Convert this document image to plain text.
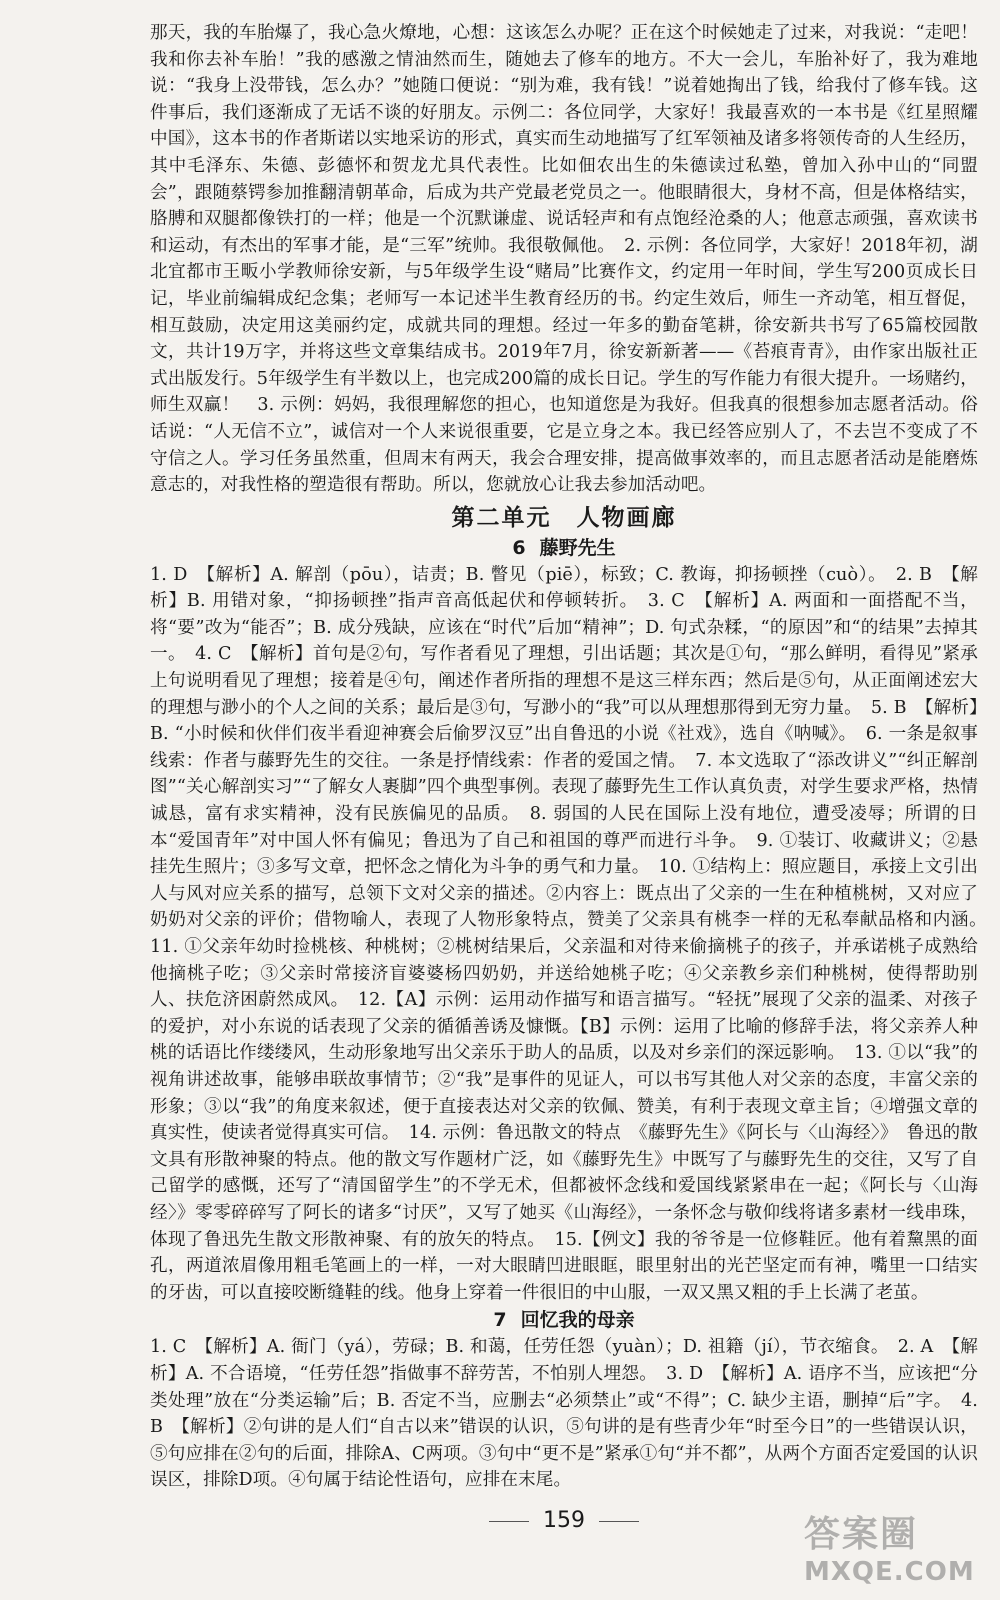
那天，我的车胎爆了，我心急火燎地，心想：这该怎么办呢？正在这个时候她走了过来，对我说：“走吧！我和你去补车胎！”我的感激之情油然而生，随她去了修车的地方。不大一会儿，车胎补好了，我为难地说：“我身上没带钱，怎么办？”她随口便说：“别为难，我有钱！”说着她掏出了钱，给我付了修车钱。这件事后，我们逐渐成了无话不谈的好朋友。示例二：各位同学，大家好！我最喜欢的一本书是《红星照耀中国》，这本书的作者斯诺以实地采访的形式，真实而生动地描写了红军领袖及诸多将领传奇的人生经历，其中毛泽东、朱德、彭德怀和贺龙尤具代表性。比如佃农出生的朱德读过私塾，曾加入孙中山的“同盟会”，跟随蔡锷参加推翻清朝革命，后成为共产党最老党员之一。他眼睛很大，身材不高，但是体格结实，胳膊和双腿都像铁打的一样；他是一个沉默谦虚、说话轻声和有点饱经沧桑的人；他意志顽强，喜欢读书和运动，有杰出的军事才能，是“三军”统帅。我很敬佩他。　2. 示例：各位同学，大家好！2018年初，湖北宜都市王畈小学教师徐安新，与5年级学生设“赌局”比赛作文，约定用一年时间，学生写200页成长日记，毕业前编辑成纪念集；老师写一本记述半生教育经历的书。约定生效后，师生一齐动笔，相互督促，相互鼓励，决定用这美丽约定，成就共同的理想。经过一年多的勤奋笔耕，徐安新共书写了65篇校园散文，共计19万字，并将这些文章集结成书。2019年7月，徐安新新著——《苔痕青青》，由作家出版社正式出版发行。5年级学生有半数以上，也完成200篇的成长日记。学生的写作能力有很大提升。一场赌约，师生双赢！　3. 示例：妈妈，我很理解您的担心，也知道您是为我好。但我真的很想参加志愿者活动。俗话说：“人无信不立”，诚信对一个人来说很重要，它是立身之本。我已经答应别人了，不去岂不变成了不守信之人。学习任务虽然重，但周末有两天，我会合理安排，提高做事效率的，而且志愿者活动是能磨炼意志的，对我性格的塑造很有帮助。所以，您就放心让我去参加活动吧。

第二单元　人物画廊
6 藤野先生

1. D　【解析】A. 解剖（pōu），诘责；B. 瞥见（piē），标致；C. 教诲，抑扬顿挫（cuò）。　2. B　【解析】B. 用错对象，“抑扬顿挫”指声音高低起伏和停顿转折。　3. C　【解析】A. 两面和一面搭配不当，将“要”改为“能否”；B. 成分残缺，应该在“时代”后加“精神”；D. 句式杂糅，“的原因”和“的结果”去掉其一。　4. C　【解析】首句是②句，写作者看见了理想，引出话题；其次是①句，“那么鲜明，看得见”紧承上句说明看见了理想；接着是④句，阐述作者所指的理想不是这三样东西；然后是⑤句，从正面阐述宏大的理想与渺小的个人之间的关系；最后是③句，写渺小的“我”可以从理想那得到无穷力量。　5. B　【解析】B. “小时候和伙伴们夜半看迎神赛会后偷罗汉豆”出自鲁迅的小说《社戏》，选自《呐喊》。　6. 一条是叙事线索：作者与藤野先生的交往。一条是抒情线索：作者的爱国之情。　7. 本文选取了“添改讲义”“纠正解剖图”“关心解剖实习”“了解女人裹脚”四个典型事例。表现了藤野先生工作认真负责，对学生要求严格，热情诚恳，富有求实精神，没有民族偏见的品质。　8. 弱国的人民在国际上没有地位，遭受凌辱；所谓的日本“爱国青年”对中国人怀有偏见；鲁迅为了自己和祖国的尊严而进行斗争。　9. ①装订、收藏讲义；②悬挂先生照片；③多写文章，把怀念之情化为斗争的勇气和力量。　10. ①结构上：照应题目，承接上文引出人与风对应关系的描写，总领下文对父亲的描述。②内容上：既点出了父亲的一生在种植桃树，又对应了奶奶对父亲的评价；借物喻人，表现了人物形象特点，赞美了父亲具有桃李一样的无私奉献品格和内涵。　11. ①父亲年幼时捡桃核、种桃树；②桃树结果后，父亲温和对待来偷摘桃子的孩子，并承诺桃子成熟给他摘桃子吃；③父亲时常接济盲婆婆杨四奶奶，并送给她桃子吃；④父亲教乡亲们种桃树，使得帮助别人、扶危济困蔚然成风。　12.【A】示例：运用动作描写和语言描写。“轻抚”展现了父亲的温柔、对孩子的爱护，对小东说的话表现了父亲的循循善诱及慷慨。【B】示例：运用了比喻的修辞手法，将父亲养人种桃的话语比作缕缕风，生动形象地写出父亲乐于助人的品质，以及对乡亲们的深远影响。　13. ①以“我”的视角讲述故事，能够串联故事情节；②“我”是事件的见证人，可以书写其他人对父亲的态度，丰富父亲的形象；③以“我”的角度来叙述，便于直接表达对父亲的钦佩、赞美，有利于表现文章主旨；④增强文章的真实性，使读者觉得真实可信。　14. 示例：鲁迅散文的特点　《藤野先生》《阿长与〈山海经〉》　鲁迅的散文具有形散神聚的特点。他的散文写作题材广泛，如《藤野先生》中既写了与藤野先生的交往，又写了自己留学的感慨，还写了“清国留学生”的不学无术，但都被怀念线和爱国线紧紧串在一起；《阿长与〈山海经〉》零零碎碎写了阿长的诸多“讨厌”，又写了她买《山海经》，一条怀念与敬仰线将诸多素材一线串珠，体现了鲁迅先生散文形散神聚、有的放矢的特点。　15.【例文】我的爷爷是一位修鞋匠。他有着黧黑的面孔，两道浓眉像用粗毛笔画上的一样，一对大眼睛凹进眼眶，眼里射出的光芒坚定而有神，嘴里一口结实的牙齿，可以直接咬断缝鞋的线。他身上穿着一件很旧的中山服，一双又黑又粗的手上长满了老茧。

7 回忆我的母亲

1. C　【解析】A. 衙门（yá），劳碌；B. 和蔼，任劳任怨（yuàn）；D. 祖籍（jí），节衣缩食。　2. A　【解析】A. 不合语境，“任劳任怨”指做事不辞劳苦，不怕别人埋怨。　3. D　【解析】A. 语序不当，应该把“分类处理”放在“分类运输”后；B. 否定不当，应删去“必须禁止”或“不得”；C. 缺少主语，删掉“后”字。　4. B　【解析】②句讲的是人们“自古以来”错误的认识，⑤句讲的是有些青少年“时至今日”的一些错误认识，⑤句应排在②句的后面，排除A、C两项。③句中“更不是”紧承①句“并不都”，从两个方面否定爱国的认识误区，排除D项。④句属于结论性语句，应排在末尾。

159	答案圈
MXQE.COM
